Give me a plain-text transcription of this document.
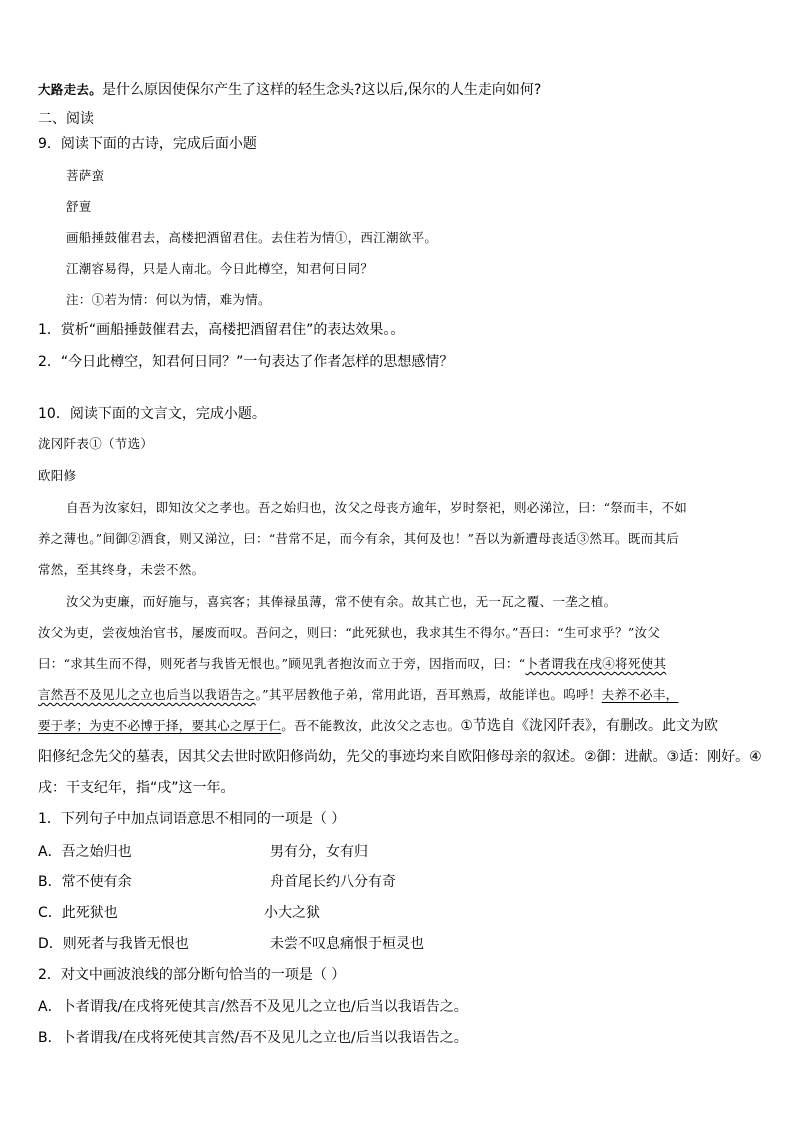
大路走去。是什么原因使保尔产生了这样的轻生念头?这以后,保尔的人生走向如何?
二、阅读
9．阅读下面的古诗，完成后面小题
菩萨蛮
舒亶
画船捶鼓催君去，高楼把酒留君住。去住若为情①，西江潮欲平。
江潮容易得，只是人南北。今日此樽空，知君何日同？
注：①若为情：何以为情，难为情。
1．赏析“画船捶鼓催君去，高楼把酒留君住”的表达效果。。
2．“今日此樽空，知君何日同？”一句表达了作者怎样的思想感情？
10．阅读下面的文言文，完成小题。
泷冈阡表①（节选）
欧阳修
自吾为汝家妇，即知汝父之孝也。吾之始归也，汝父之母丧方逾年，岁时祭祀，则必涕泣，曰：“祭而丰，不如
养之薄也。”间御②酒食，则又涕泣，曰：“昔常不足，而今有余，其何及也！”吾以为新遭母丧适③然耳。既而其后
常然，至其终身，未尝不然。
汝父为吏廉，而好施与，喜宾客；其俸禄虽薄，常不使有余。故其亡也，无一瓦之覆、一垄之植。
汝父为吏，尝夜烛治官书，屡废而叹。吾问之，则曰：“此死狱也，我求其生不得尔。”吾曰：“生可求乎？”汝父
曰：“求其生而不得，则死者与我皆无恨也。”顾见乳者抱汝而立于旁，因指而叹，曰：“卜者谓我在戌④将死使其
言然吾不及见儿之立也后当以我语告之。”其平居教他子弟，常用此语，吾耳熟焉，故能详也。呜呼！夫养不必丰，
要于孝；为吏不必博于择，要其心之厚于仁。吾不能教汝，此汝父之志也。①节选自《泷冈阡表》，有删改。此文为欧
阳修纪念先父的墓表，因其父去世时欧阳修尚幼，先父的事迹均来自欧阳修母亲的叙述。②御：进献。③适：刚好。④
戌：干支纪年，指“戌”这一年。
1．下列句子中加点词语意思不相同的一项是（ ）
A．吾之始归也	男有分，女有归
B．常不使有余	舟首尾长约八分有奇
C．此死狱也	小大之狱
D．则死者与我皆无恨也	未尝不叹息痛恨于桓灵也
2．对文中画波浪线的部分断句恰当的一项是（ ）
A．卜者谓我/在戌将死使其言/然吾不及见儿之立也/后当以我语告之。
B．卜者谓我/在戌将死使其言然/吾不及见儿之立也/后当以我语告之。
